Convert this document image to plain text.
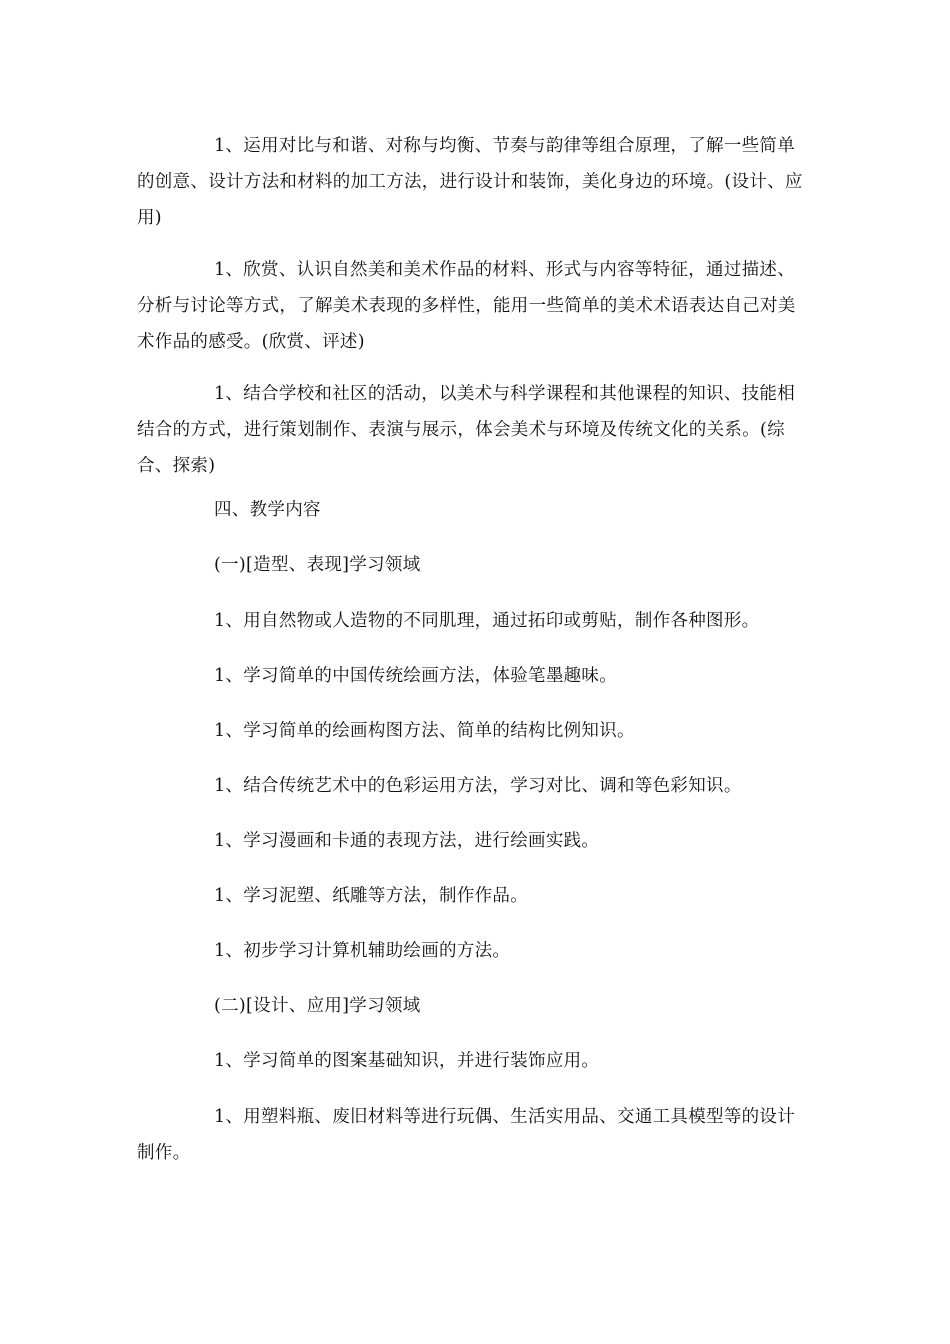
1、运用对比与和谐、对称与均衡、节奏与韵律等组合原理，了解一些简单的创意、设计方法和材料的加工方法，进行设计和装饰，美化身边的环境。(设计、应用)

1、欣赏、认识自然美和美术作品的材料、形式与内容等特征，通过描述、分析与讨论等方式，了解美术表现的多样性，能用一些简单的美术术语表达自己对美术作品的感受。(欣赏、评述)

1、结合学校和社区的活动，以美术与科学课程和其他课程的知识、技能相结合的方式，进行策划制作、表演与展示，体会美术与环境及传统文化的关系。(综合、探索)

四、教学内容

(一)[造型、表现]学习领域

1、用自然物或人造物的不同肌理，通过拓印或剪贴，制作各种图形。

1、学习简单的中国传统绘画方法，体验笔墨趣味。

1、学习简单的绘画构图方法、简单的结构比例知识。

1、结合传统艺术中的色彩运用方法，学习对比、调和等色彩知识。

1、学习漫画和卡通的表现方法，进行绘画实践。

1、学习泥塑、纸雕等方法，制作作品。

1、初步学习计算机辅助绘画的方法。

(二)[设计、应用]学习领域

1、学习简单的图案基础知识，并进行装饰应用。

1、用塑料瓶、废旧材料等进行玩偶、生活实用品、交通工具模型等的设计制作。
